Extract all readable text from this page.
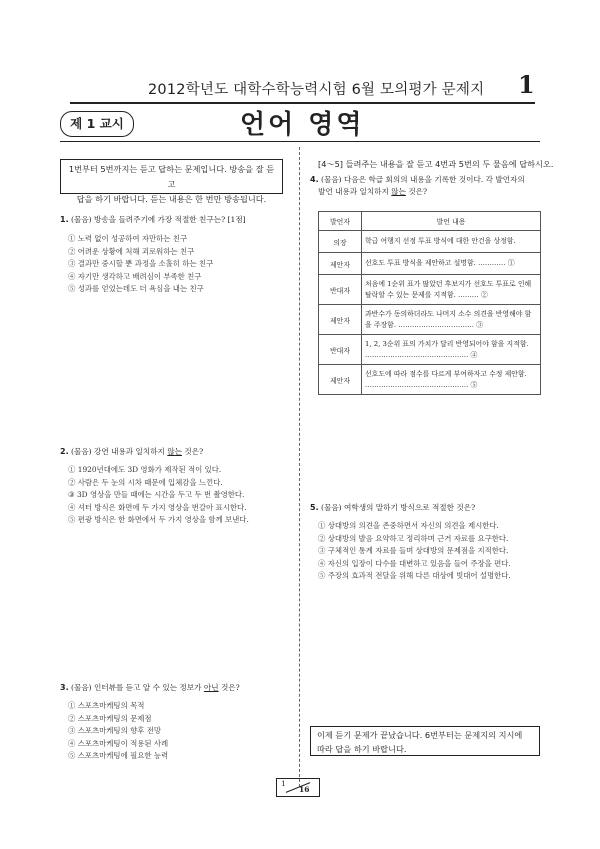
2012학년도 대학수학능력시험 6월 모의평가 문제지 1
제 1 교시	언어 영역
1번부터 5번까지는 듣고 답하는 문제입니다. 방송을 잘 듣고
답을 하기 바랍니다. 듣는 내용은 한 번만 방송됩니다.
1. (물음) 방송을 들려주기에 가장 적절한 친구는? [1점]
① 노력 없이 성공하여 자만하는 친구
② 어려운 상황에 처해 괴로워하는 친구
③ 결과만 중시할 뿐 과정을 소홀히 하는 친구
④ 자기만 생각하고 배려심이 부족한 친구
⑤ 성과를 얻었는데도 더 욕심을 내는 친구
2. (물음) 강연 내용과 일치하지 않는 것은?
① 1920년대에도 3D 영화가 제작된 적이 있다.
② 사람은 두 눈의 시차 때문에 입체감을 느낀다.
③ 3D 영상을 만들 때에는 시간을 두고 두 번 촬영한다.
④ 셔터 방식은 화면에 두 가지 영상을 번갈아 표시한다.
⑤ 편광 방식은 한 화면에서 두 가지 영상을 함께 보낸다.
3. (물음) 인터뷰를 듣고 알 수 있는 정보가 아닌 것은?
① 스포츠마케팅의 목적
② 스포츠마케팅의 문제점
③ 스포츠마케팅의 향후 전망
④ 스포츠마케팅이 적용된 사례
⑤ 스포츠마케팅에 필요한 능력
[4～5] 들려주는 내용을 잘 듣고 4번과 5번의 두 물음에 답하시오.
4. (물음) 다음은 학급 회의의 내용을 기록한 것이다. 각 발언자의
발언 내용과 일치하지 않는 것은?
발언자	발언 내용
의장	학급 여행지 선정 투표 방식에 대한 안건을 상정함.
제안자	선호도 투표 방식을 제안하고 설명함. ………… ①
반대자	처음에 1순위 표가 많았던 후보지가 선호도 투표로 인해 탈락할 수 있는 문제를 지적함. ……… ②
제안자	과반수가 동의하더라도 나머지 소수 의견을 반영해야 함을 주장함. …………………………… ③
반대자	1, 2, 3순위 표의 가치가 달리 반영되어야 함을 지적함. ……………………………………… ④
제안자	선호도에 따라 점수를 다르게 부여하자고 수정 제안함. ……………………………………… ⑤
5. (물음) 여학생의 말하기 방식으로 적절한 것은?
① 상대방의 의견을 존중하면서 자신의 의견을 제시한다.
② 상대방의 발음 요약하고 정리하며 근거 자료를 요구한다.
③ 구체적인 통계 자료를 들며 상대방의 문제점을 지적한다.
④ 자신의 입장이 다수를 대변하고 있음을 들어 주장을 편다.
⑤ 주장의 효과적 전달을 위해 다른 대상에 빗대어 설명한다.
이제 듣기 문제가 끝났습니다. 6번부터는 문제지의 지시에
따라 답을 하기 바랍니다.
1
16
